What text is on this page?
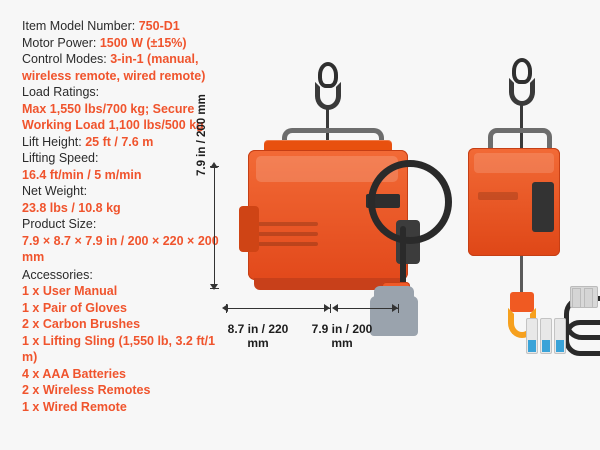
Item Model Number: 750-D1
Motor Power: 1500 W (±15%)
Control Modes: 3-in-1 (manual, wireless remote, wired remote)
Load Ratings:
Max 1,550 lbs/700 kg; Secure Working Load 1,100 lbs/500 kg
Lift Height: 25 ft / 7.6 m
Lifting Speed:
16.4 ft/min / 5 m/min
Net Weight:
23.8 lbs / 10.8 kg
Product Size:
7.9 × 8.7 × 7.9 in / 200 × 220 × 200 mm
Accessories:
1 x User Manual
1 x Pair of Gloves
2 x Carbon Brushes
1 x Lifting Sling (1,550 lb, 3.2 ft/1 m)
4 x AAA Batteries
2 x Wireless Remotes
1 x Wired Remote
7.9 in / 200 mm
8.7 in / 220 mm
7.9 in / 200 mm
